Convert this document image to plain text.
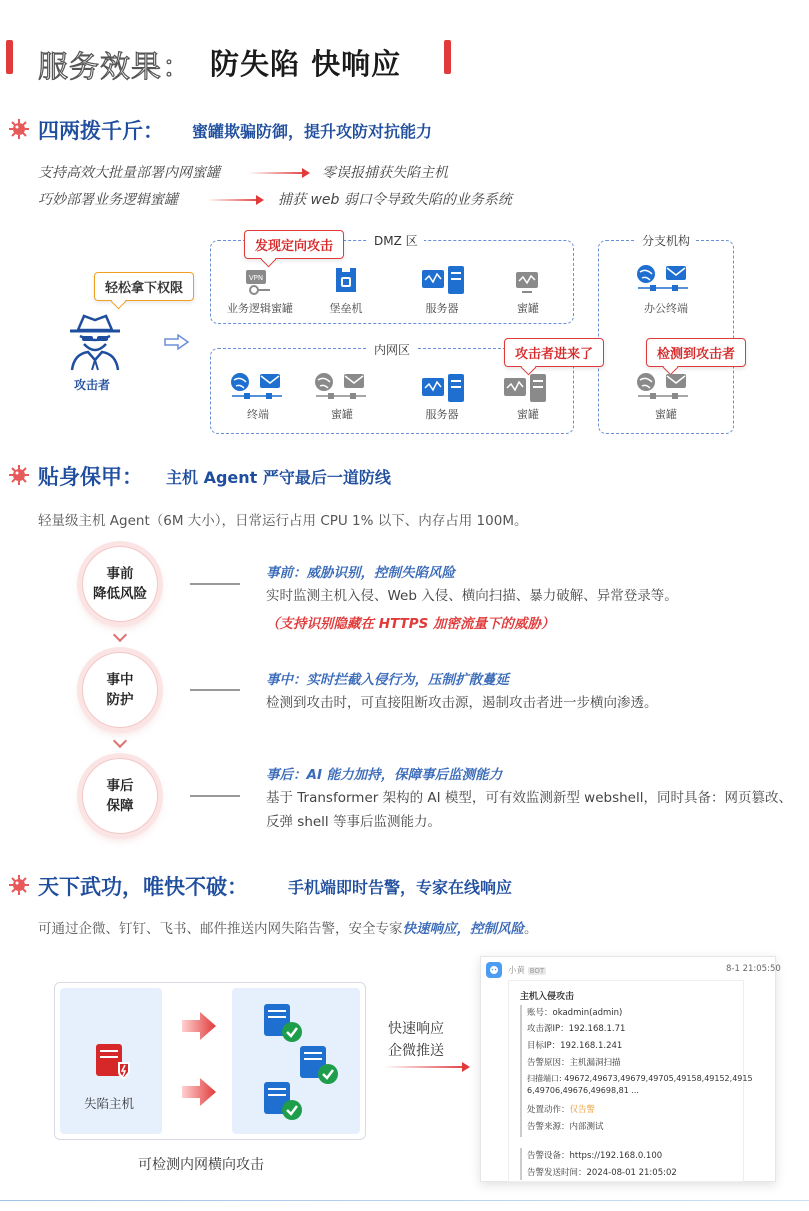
服务效果： 防失陷 快响应
四两拨千斤： 蜜罐欺骗防御，提升攻防对抗能力
支持高效大批量部署内网蜜罐	零误报捕获失陷主机
巧妙部署业务逻辑蜜罐	捕获 web 弱口令导致失陷的业务系统
DMZ 区
内网区
分支机构
发现定向攻击
攻击者进来了	检测到攻击者
轻松拿下权限
攻击者
VPN
业务逻辑蜜罐	堡垒机	服务器	蜜罐
终端	蜜罐	服务器	蜜罐
办公终端
蜜罐
贴身保甲： 主机 Agent 严守最后一道防线
轻量级主机 Agent（6M 大小），日常运行占用 CPU 1% 以下、内存占用 100M。
事前
降低风险
事中
防护
事后
保障
事前：威胁识别，控制失陷风险
实时监测主机入侵、Web 入侵、横向扫描、暴力破解、异常登录等。
（支持识别隐藏在 HTTPS 加密流量下的威胁）
事中：实时拦截入侵行为，压制扩散蔓延
检测到攻击时，可直接阻断攻击源，遏制攻击者进一步横向渗透。
事后：AI 能力加持，保障事后监测能力
基于 Transformer 架构的 AI 模型，可有效监测新型 webshell，同时具备：网页篡改、
反弹 shell 等事后监测能力。
天下武功，唯快不破：	手机端即时告警，专家在线响应
可通过企微、钉钉、飞书、邮件推送内网失陷告警，安全专家快速响应，控制风险。
失陷主机
可检测内网横向攻击
快速响应
企微推送
小黄 BOT	8-1 21:05:50
主机入侵攻击
账号：okadmin(admin)
攻击源IP：192.168.1.71
目标IP：192.168.1.241
告警原因：主机漏洞扫描
扫描端口: 49672,49673,49679,49705,49158,49152,4915
6,49706,49676,49698,81 ...
处置动作：仅告警
告警来源：内部测试
告警设备：https://192.168.0.100
告警发送时间：2024-08-01 21:05:02
